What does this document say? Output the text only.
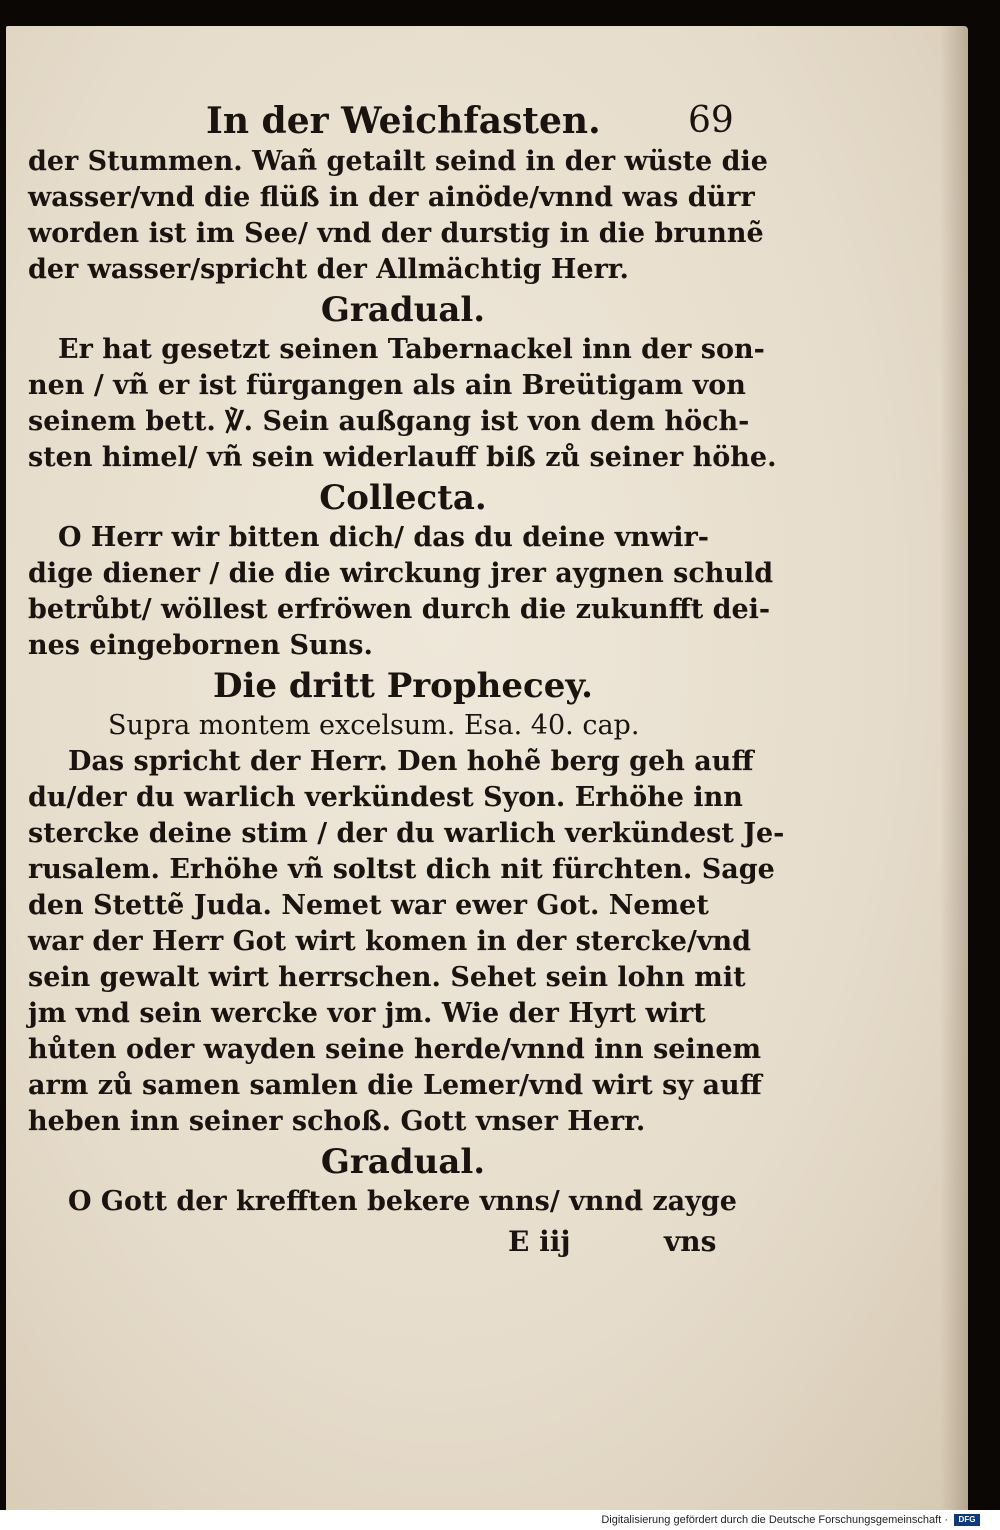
In der Weichfasten. 69
der Stummen. Wañ getailt seind in der wüste die
wasser/vnd die flüß in der ainöde/vnnd was dürr
worden ist im See/ vnd der durstig in die brunnẽ
der wasser/spricht der Allmächtig Herr.
Gradual.
Er hat gesetzt seinen Tabernackel inn der son-
nen / vñ er ist fürgangen als ain Breütigam von
seinem bett. ℣. Sein außgang ist von dem höch-
sten himel/ vñ sein widerlauff biß zů seiner höhe.
Collecta.
O Herr wir bitten dich/ das du deine vnwir-
dige diener / die die wirckung jrer aygnen schuld
betrůbt/ wöllest erfröwen durch die zukunfft dei-
nes eingebornen Suns.
Die dritt Prophecey.
Supra montem excelsum. Esa. 40. cap.
Das spricht der Herr. Den hohẽ berg geh auff
du/der du warlich verkündest Syon. Erhöhe inn
stercke deine stim / der du warlich verkündest Je-
rusalem. Erhöhe vñ soltst dich nit fürchten. Sage
den Stettẽ Juda. Nemet war ewer Got. Nemet
war der Herr Got wirt komen in der stercke/vnd
sein gewalt wirt herrschen. Sehet sein lohn mit
jm vnd sein wercke vor jm. Wie der Hyrt wirt
hůten oder wayden seine herde/vnnd inn seinem
arm zů samen samlen die Lemer/vnd wirt sy auff
heben inn seiner schoß. Gott vnser Herr.
Gradual.
O Gott der krefften bekere vnns/ vnnd zayge
E iij	vns
Digitalisierung gefördert durch die Deutsche Forschungsgemeinschaft ·	DFG
